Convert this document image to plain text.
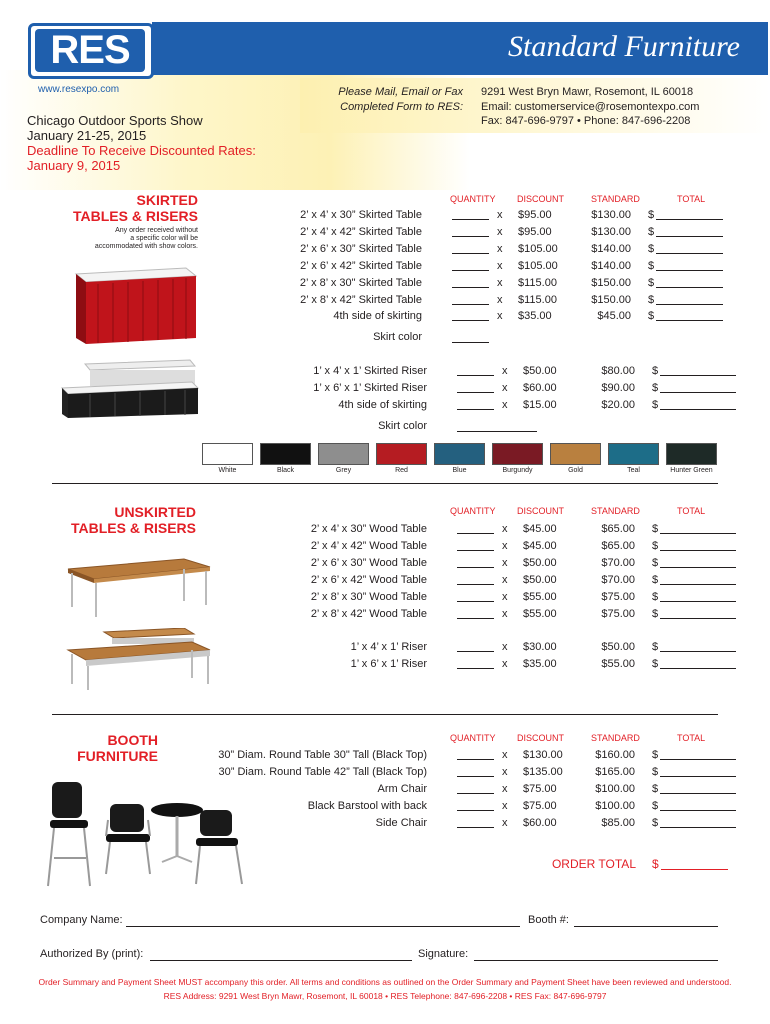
Standard Furniture
RES
www.resexpo.com	Please Mail, Email or Fax
Completed Form to RES:
9291 West Bryn Mawr, Rosemont, IL 60018
Email: customerservice@rosemontexpo.com
Fax: 847-696-9797 • Phone: 847-696-2208
Chicago Outdoor Sports Show
January 21-25, 2015
Deadline To Receive Discounted Rates:
January 9, 2015
SKIRTED
TABLES & RISERS
Any order received without
a specific color will be
accommodated with show colors.
QUANTITY DISCOUNT	STANDARD	TOTAL
2’ x 4’ x 30” Skirted Table	x $95.00	$130.00 $
2’ x 4’ x 42” Skirted Table	x $95.00	$130.00 $
2’ x 6’ x 30” Skirted Table	x $105.00	$140.00 $
2’ x 6’ x 42” Skirted Table	x $105.00	$140.00 $
2’ x 8’ x 30" Skirted Table	x $115.00	$150.00 $
2’ x 8’ x 42” Skirted Table	x $115.00	$150.00 $
4th side of skirting	x $35.00	$45.00 $
Skirt color
1’ x 4’ x 1’ Skirted Riser	x $50.00	$80.00 $
1’ x 6’ x 1’ Skirted Riser	x $60.00	$90.00 $
4th side of skirting	x $15.00	$20.00 $
Skirt color
White	Black	Grey	Red	Blue	Burgundy	Gold	Teal	Hunter Green
UNSKIRTED
TABLES & RISERS
QUANTITY DISCOUNT	STANDARD	TOTAL
2’ x 4’ x 30” Wood Table	x $45.00	$65.00 $
2’ x 4’ x 42” Wood Table	x $45.00	$65.00 $
2’ x 6’ x 30” Wood Table	x $50.00	$70.00 $
2’ x 6’ x 42” Wood Table	x $50.00	$70.00 $
2’ x 8’ x 30” Wood Table	x $55.00	$75.00 $
2’ x 8’ x 42” Wood Table	x $55.00	$75.00 $
1’ x 4’ x 1’ Riser	x $30.00	$50.00 $
1’ x 6’ x 1’ Riser	x $35.00	$55.00 $
BOOTH
FURNITURE
QUANTITY DISCOUNT	STANDARD	TOTAL
30” Diam. Round Table 30" Tall (Black Top)	x $130.00	$160.00 $
30” Diam. Round Table 42” Tall (Black Top)	x $135.00	$165.00 $
Arm Chair	x $75.00	$100.00 $
Black Barstool with back	x $75.00	$100.00 $
Side Chair	x $60.00	$85.00 $
ORDER TOTAL $
Company Name:	Booth #:
Authorized By (print):	Signature:
Order Summary and Payment Sheet MUST accompany this order. All terms and conditions as outlined on the Order Summary and Payment Sheet have been reviewed and understood.
RES Address: 9291 West Bryn Mawr, Rosemont, IL 60018 • RES Telephone: 847-696-2208 • RES Fax: 847-696-9797
